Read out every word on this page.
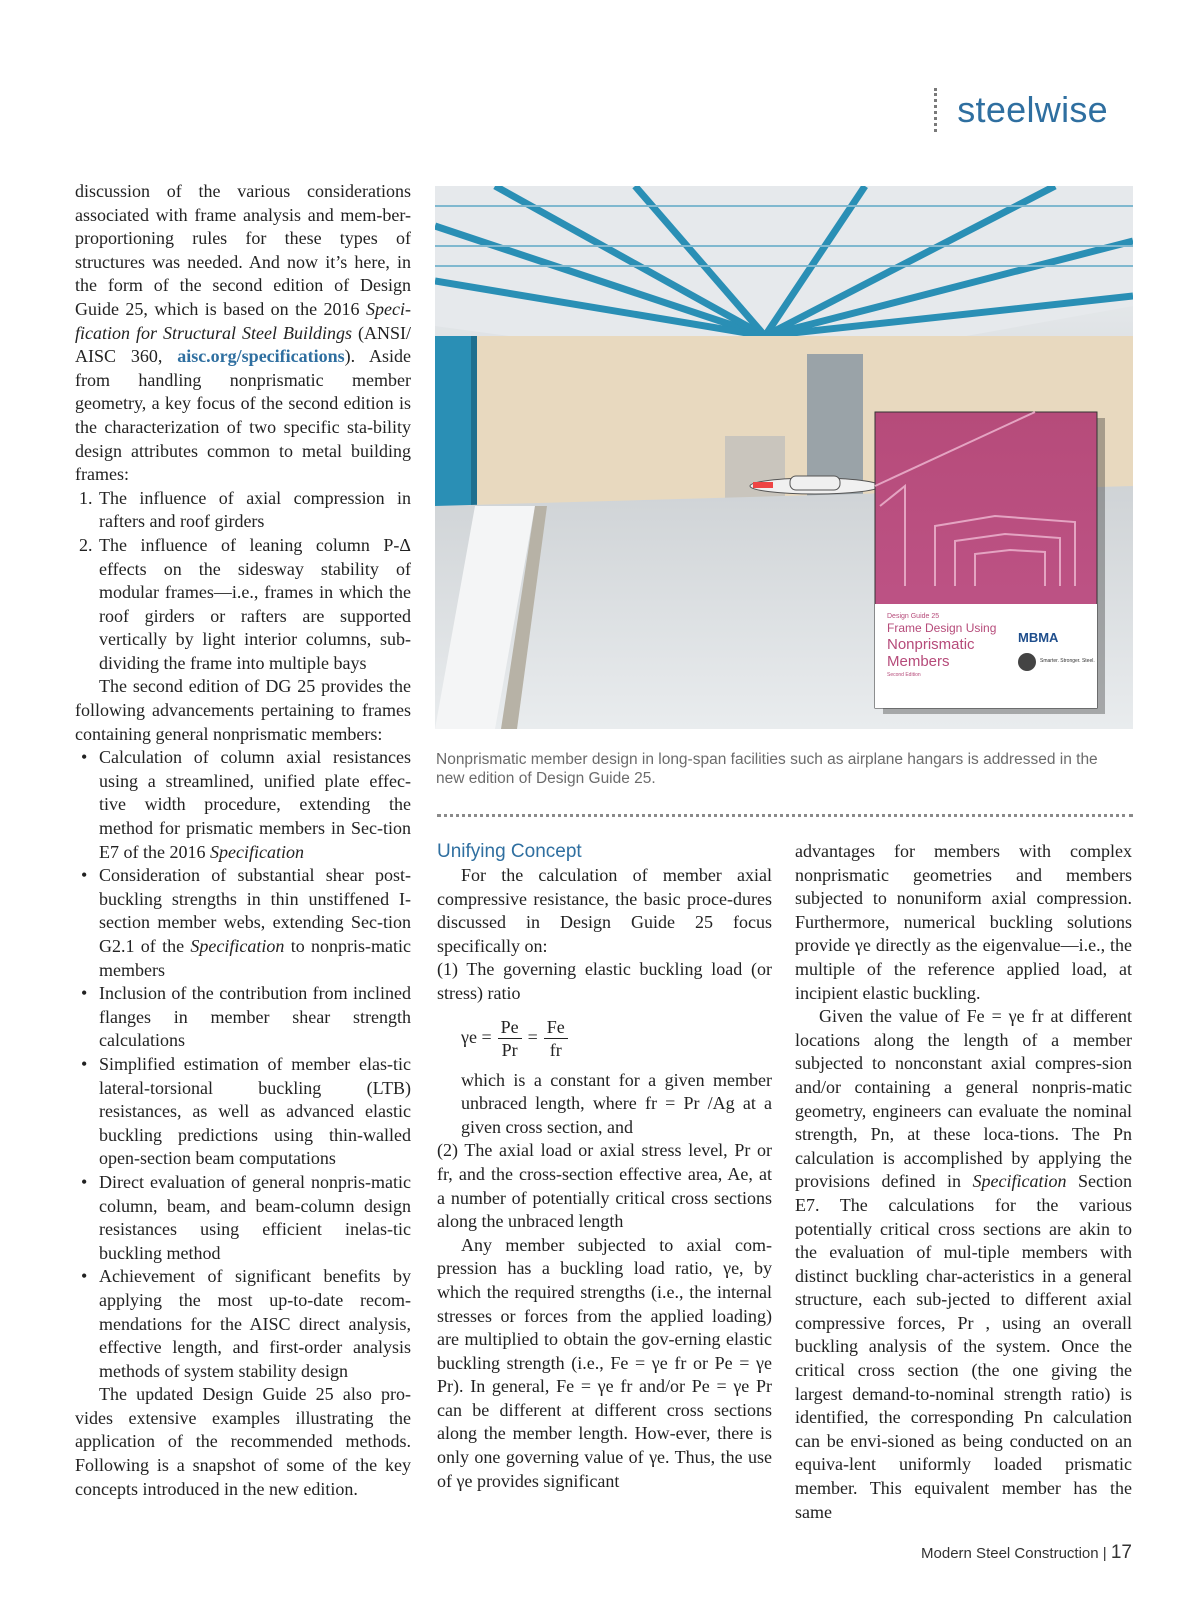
steelwise

discussion of the various considerations associated with frame analysis and mem-ber-proportioning rules for these types of structures was needed. And now it’s here, in the form of the second edition of Design Guide 25, which is based on the 2016 Speci-fication for Structural Steel Buildings (ANSI/ AISC 360, aisc.org/specifications). Aside from handling nonprismatic member geometry, a key focus of the second edition is the characterization of two specific sta-bility design attributes common to metal building frames:

1. The influence of axial compression in rafters and roof girders
2. The influence of leaning column P-Δ effects on the sidesway stability of modular frames—i.e., frames in which the roof girders or rafters are supported vertically by light interior columns, sub-dividing the frame into multiple bays

The second edition of DG 25 provides the following advancements pertaining to frames containing general nonprismatic members:

• Calculation of column axial resistances using a streamlined, unified plate effec-tive width procedure, extending the method for prismatic members in Sec-tion E7 of the 2016 Specification
• Consideration of substantial shear post-buckling strengths in thin unstiffened I-section member webs, extending Sec-tion G2.1 of the Specification to nonpris-matic members
• Inclusion of the contribution from inclined flanges in member shear strength calculations
• Simplified estimation of member elas-tic lateral-torsional buckling (LTB) resistances, as well as advanced elastic buckling predictions using thin-walled open-section beam computations
• Direct evaluation of general nonpris-matic column, beam, and beam-column design resistances using efficient inelas-tic buckling method
• Achievement of significant benefits by applying the most up-to-date recom-mendations for the AISC direct analysis, effective length, and first-order analysis methods of system stability design

The updated Design Guide 25 also pro-vides extensive examples illustrating the application of the recommended methods. Following is a snapshot of some of the key concepts introduced in the new edition.

Design Guide 25
Frame Design Using
Nonprismatic
Members
Second Edition
MBMA
Smarter. Stronger. Steel.
Nonprismatic member design in long-span facilities such as airplane hangars is addressed in the new edition of Design Guide 25.

Unifying Concept

For the calculation of member axial compressive resistance, the basic proce-dures discussed in Design Guide 25 focus specifically on:

(1) The governing elastic buckling load (or stress) ratio

$\gamma e = \frac{Pe}{Pr} = \frac{Fe}{fr}$

which is a constant for a given member unbraced length, where fr = Pr /Ag at a given cross section, and

(2) The axial load or axial stress level, Pr or fr, and the cross-section effective area, Ae, at a number of potentially critical cross sections along the unbraced length

Any member subjected to axial com-pression has a buckling load ratio, γe, by which the required strengths (i.e., the internal stresses or forces from the applied loading) are multiplied to obtain the gov-erning elastic buckling strength (i.e., Fe = γe fr or Pe = γe Pr). In general, Fe = γe fr and/or Pe = γe Pr can be different at different cross sections along the member length. How-ever, there is only one governing value of γe. Thus, the use of γe provides significant

advantages for members with complex nonprismatic geometries and members subjected to nonuniform axial compression. Furthermore, numerical buckling solutions provide γe directly as the eigenvalue—i.e., the multiple of the reference applied load, at incipient elastic buckling.

Given the value of Fe = γe fr at different locations along the length of a member subjected to nonconstant axial compres-sion and/or containing a general nonpris-matic geometry, engineers can evaluate the nominal strength, Pn, at these loca-tions. The Pn calculation is accomplished by applying the provisions defined in Specification Section E7. The calculations for the various potentially critical cross sections are akin to the evaluation of mul-tiple members with distinct buckling char-acteristics in a general structure, each sub-jected to different axial compressive forces, Pr , using an overall buckling analysis of the system. Once the critical cross section (the one giving the largest demand-to-nominal strength ratio) is identified, the corresponding Pn calculation can be envi-sioned as being conducted on an equiva-lent uniformly loaded prismatic member. This equivalent member has the same

Modern Steel Construction | 17
